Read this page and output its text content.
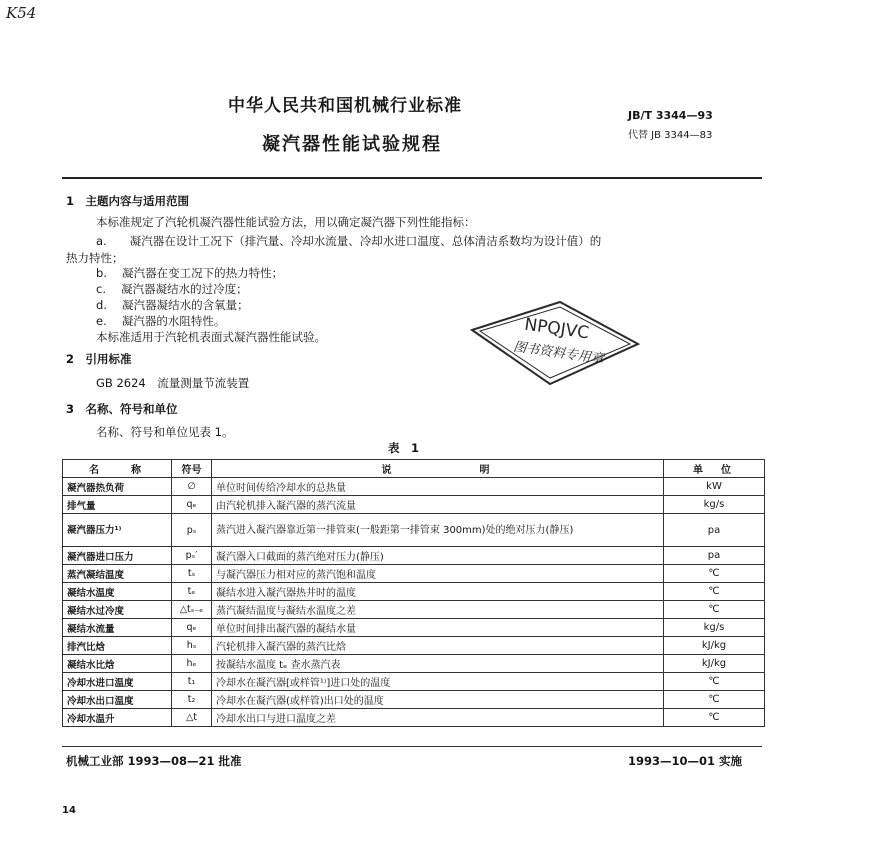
K54
中华人民共和国机械行业标准
凝汽器性能试验规程
JB/T 3344—93
代替 JB 3344—83
1　主题内容与适用范围
本标准规定了汽轮机凝汽器性能试验方法，用以确定凝汽器下列性能指标：
a.　　凝汽器在设计工况下（排汽量、冷却水流量、冷却水进口温度、总体清洁系数均为设计值）的
热力特性；
b.　 凝汽器在变工况下的热力特性；
c.　 凝汽器凝结水的过冷度；
d.　 凝汽器凝结水的含氧量；
e.　 凝汽器的水阻特性。
本标准适用于汽轮机表面式凝汽器性能试验。	NPQJVC
图书资料专用章
2　引用标准
GB 2624　流量测量节流装置
3　名称、符号和单位
名称、符号和单位见表 1。
表　1
名　　称	符号	说　　　　　　明	单　位
凝汽器热负荷	∅	单位时间传给冷却水的总热量	kW
排气量	qₑ	由汽轮机排入凝汽器的蒸汽流量	kg/s
凝汽器压力¹⁾	pₛ	蒸汽进入凝汽器靠近第一排管束(一般距第一排管束 300mm)处的绝对压力(静压)	pa
凝汽器进口压力	pₛ′	凝汽器入口截面的蒸汽绝对压力(静压)	pa
蒸汽凝结温度	tₛ	与凝汽器压力相对应的蒸汽饱和温度	℃
凝结水温度	tₑ	凝结水进入凝汽器热井时的温度	℃
凝结水过冷度	△tₛ₋ₑ	蒸汽凝结温度与凝结水温度之差	℃
凝结水流量	qₑ	单位时间排出凝汽器的凝结水量	kg/s
排汽比焓	hₛ	汽轮机排入凝汽器的蒸汽比焓	kJ/kg
凝结水比焓	hₑ	按凝结水温度 tₑ 查水蒸汽表	kJ/kg
冷却水进口温度	t₁	冷却水在凝汽器[或样管¹⁾]进口处的温度	℃
冷却水出口温度	t₂	冷却水在凝汽器(或样管)出口处的温度	℃
冷却水温升	△t	冷却水出口与进口温度之差	℃
机械工业部 1993—08—21 批准	1993—10—01 实施
14
